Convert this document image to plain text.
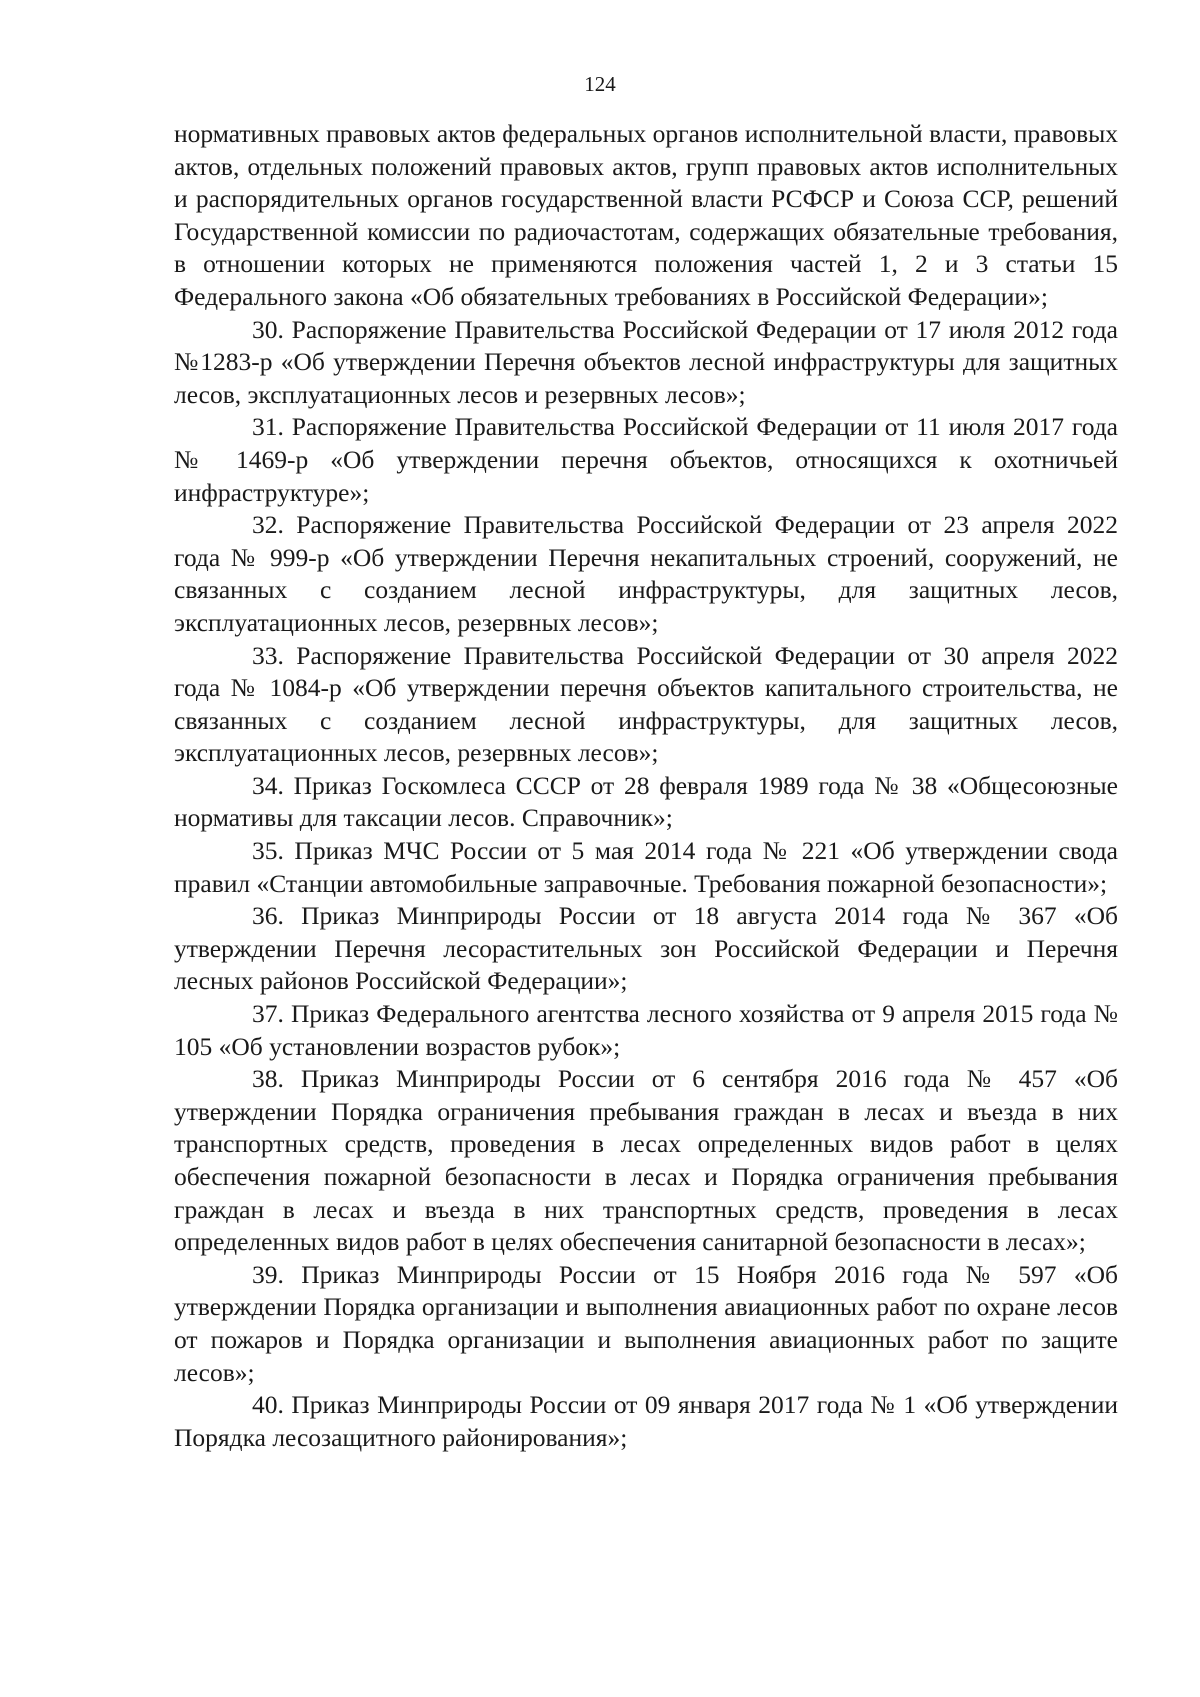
124

нормативных правовых актов федеральных органов исполнительной власти, правовых актов, отдельных положений правовых актов, групп правовых актов исполнительных и распорядительных органов государственной власти РСФСР и Союза ССР, решений Государственной комиссии по радиочастотам, содержащих обязательные требования, в отношении которых не применяются положения частей 1, 2 и 3 статьи 15 Федерального закона «Об обязательных требованиях в Российской Федерации»;

30. Распоряжение Правительства Российской Федерации от 17 июля 2012 года №1283-р «Об утверждении Перечня объектов лесной инфраструктуры для защитных лесов, эксплуатационных лесов и резервных лесов»;

31. Распоряжение Правительства Российской Федерации от 11 июля 2017 года № 1469-р «Об утверждении перечня объектов, относящихся к охотничьей инфраструктуре»;

32. Распоряжение Правительства Российской Федерации от 23 апреля 2022 года № 999-р «Об утверждении Перечня некапитальных строений, сооружений, не связанных с созданием лесной инфраструктуры, для защитных лесов, эксплуатационных лесов, резервных лесов»;

33. Распоряжение Правительства Российской Федерации от 30 апреля 2022 года № 1084-р «Об утверждении перечня объектов капитального строительства, не связанных с созданием лесной инфраструктуры, для защитных лесов, эксплуатационных лесов, резервных лесов»;

34. Приказ Госкомлеса СССР от 28 февраля 1989 года № 38 «Общесоюзные нормативы для таксации лесов. Справочник»;

35. Приказ МЧС России от 5 мая 2014 года № 221 «Об утверждении свода правил «Станции автомобильные заправочные. Требования пожарной безопасности»;

36. Приказ Минприроды России от 18 августа 2014 года № 367 «Об утверждении Перечня лесорастительных зон Российской Федерации и Перечня лесных районов Российской Федерации»;

37. Приказ Федерального агентства лесного хозяйства от 9 апреля 2015 года № 105 «Об установлении возрастов рубок»;

38. Приказ Минприроды России от 6 сентября 2016 года № 457 «Об утверждении Порядка ограничения пребывания граждан в лесах и въезда в них транспортных средств, проведения в лесах определенных видов работ в целях обеспечения пожарной безопасности в лесах и Порядка ограничения пребывания граждан в лесах и въезда в них транспортных средств, проведения в лесах определенных видов работ в целях обеспечения санитарной безопасности в лесах»;

39. Приказ Минприроды России от 15 Ноября 2016 года № 597 «Об утверждении Порядка организации и выполнения авиационных работ по охране лесов от пожаров и Порядка организации и выполнения авиационных работ по защите лесов»;

40. Приказ Минприроды России от 09 января 2017 года № 1 «Об утверждении Порядка лесозащитного районирования»;
